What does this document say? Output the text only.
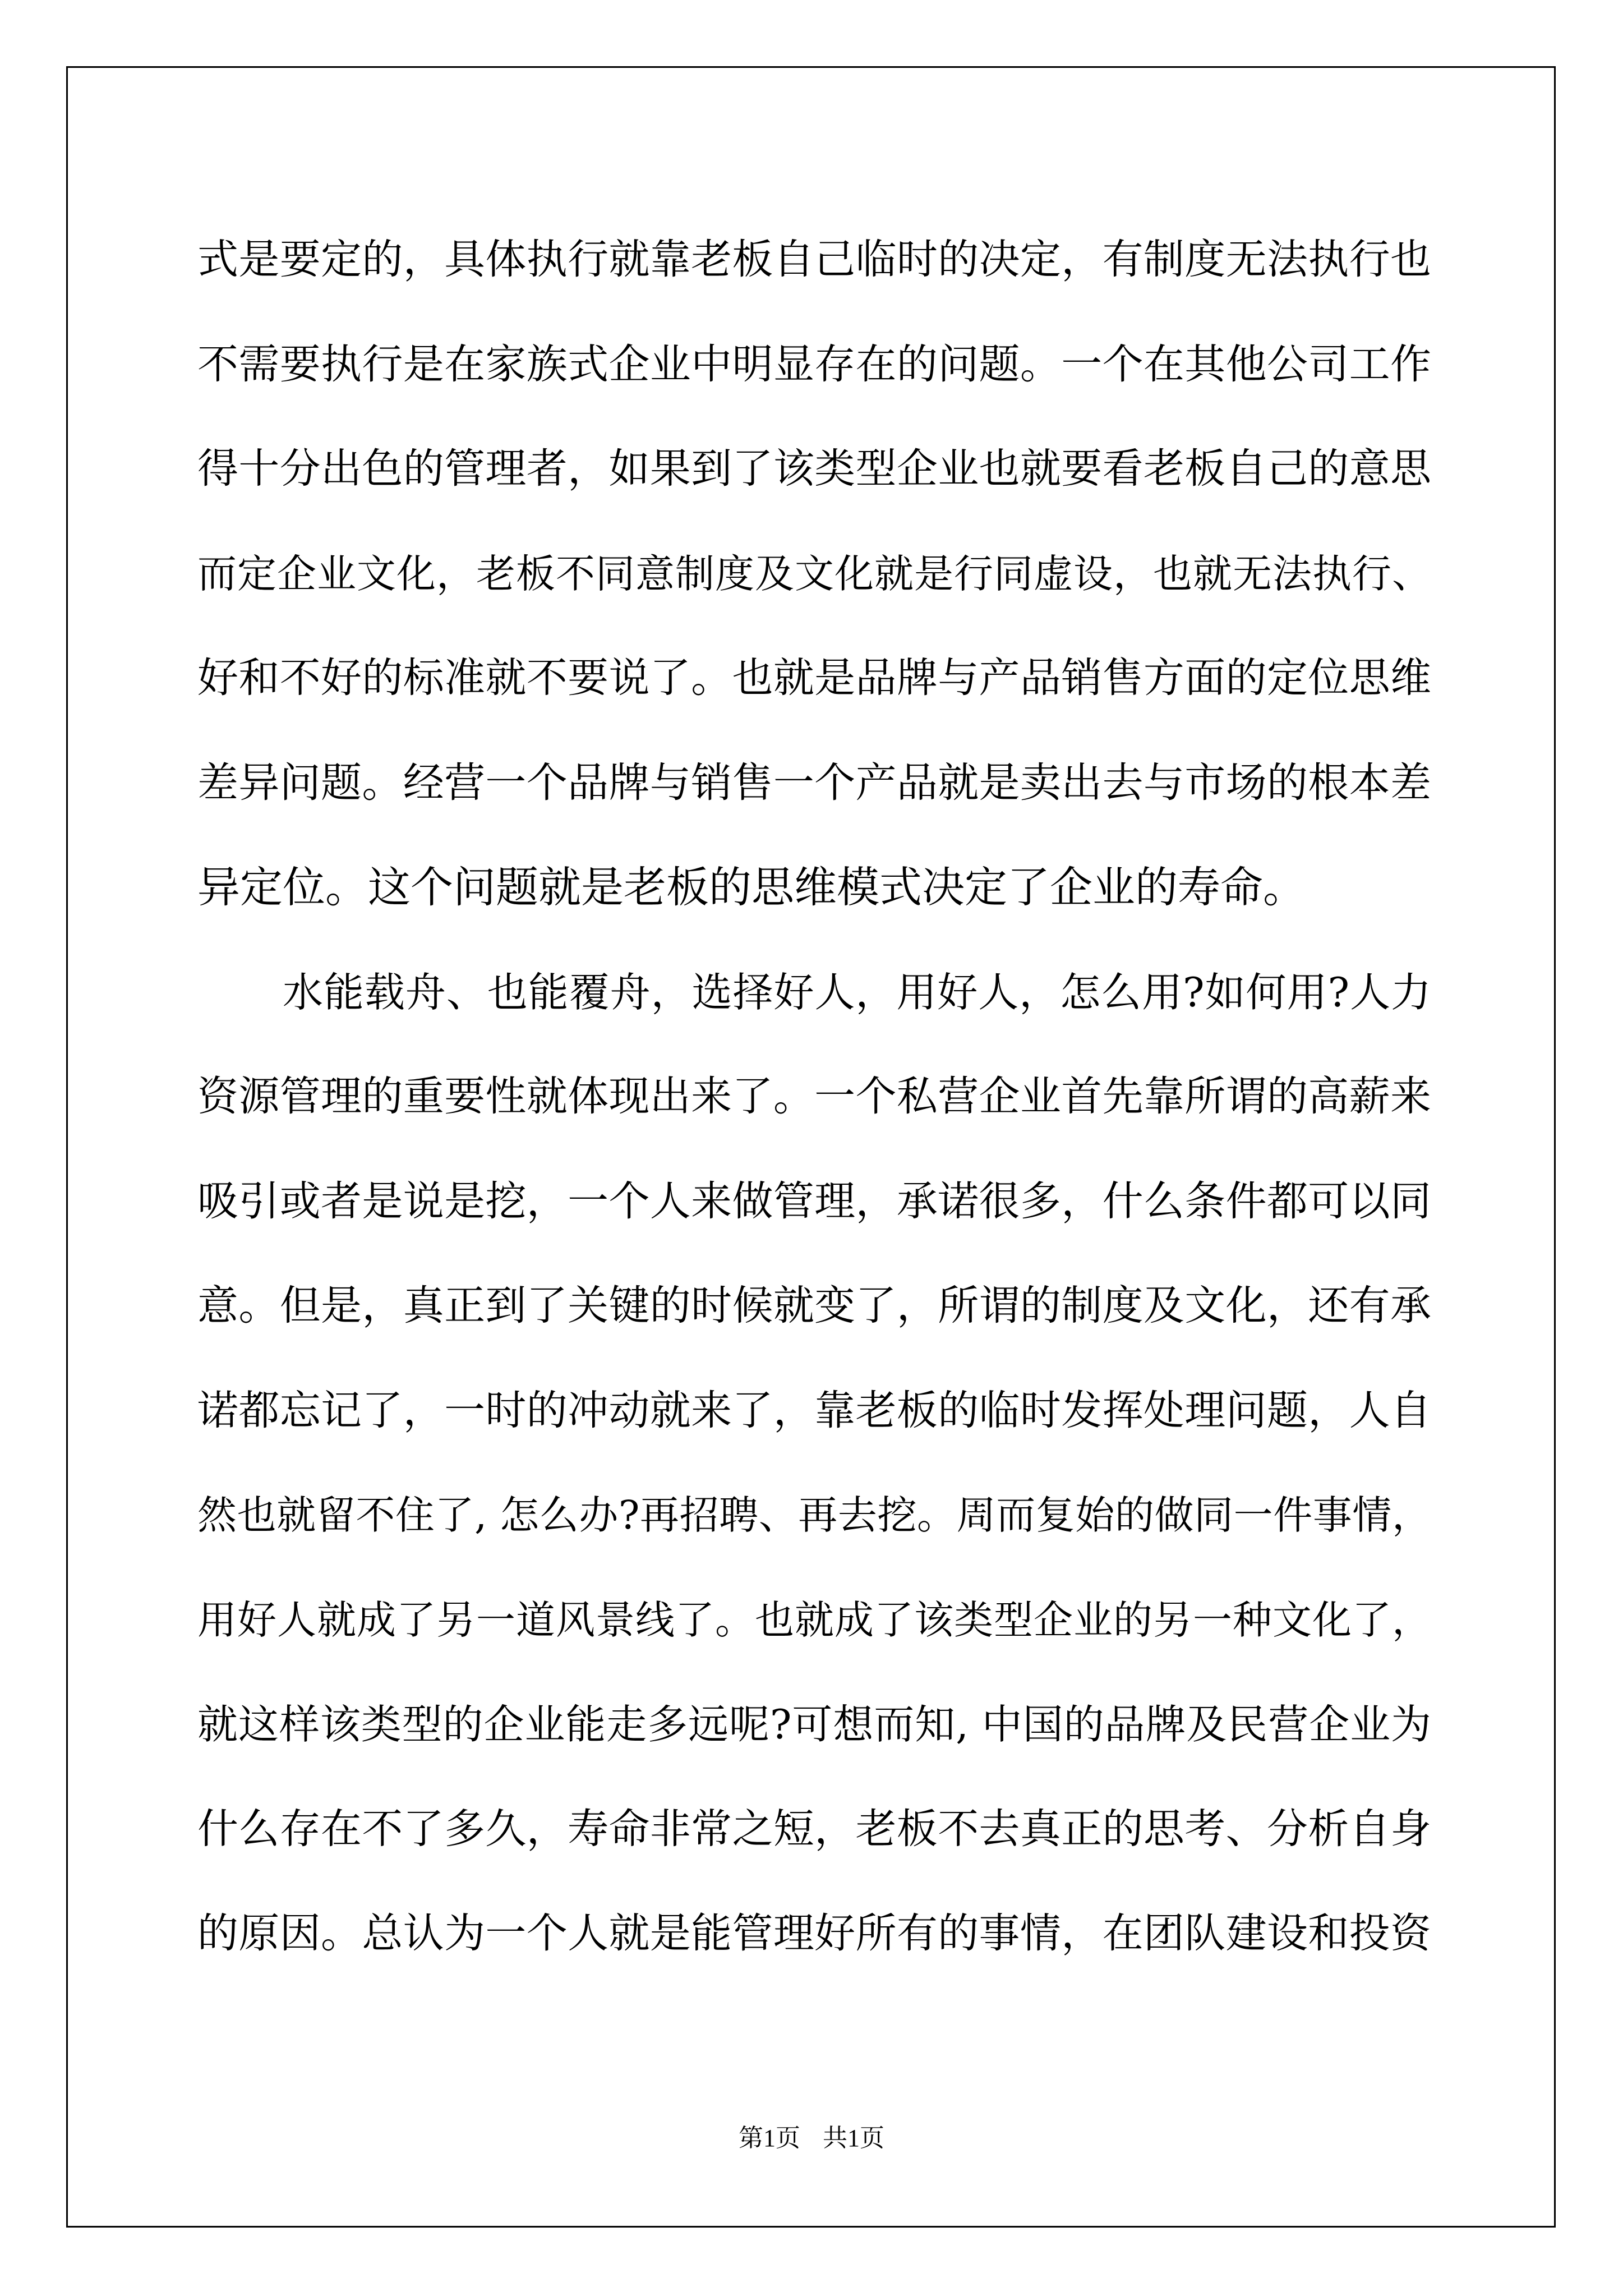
式是要定的，具体执行就靠老板自己临时的决定，有制度无法执行也
不需要执行是在家族式企业中明显存在的问题。一个在其他公司工作
得十分出色的管理者，如果到了该类型企业也就要看老板自己的意思
而定企业文化，老板不同意制度及文化就是行同虚设，也就无法执行、
好和不好的标准就不要说了。也就是品牌与产品销售方面的定位思维
差异问题。经营一个品牌与销售一个产品就是卖出去与市场的根本差
异定位。这个问题就是老板的思维模式决定了企业的寿命。
水能载舟、也能覆舟，选择好人，用好人，怎么用?如何用?人力
资源管理的重要性就体现出来了。一个私营企业首先靠所谓的高薪来
吸引或者是说是挖，一个人来做管理，承诺很多，什么条件都可以同
意。但是，真正到了关键的时候就变了，所谓的制度及文化，还有承
诺都忘记了，一时的冲动就来了，靠老板的临时发挥处理问题，人自
然也就留不住了, 怎么办?再招聘、再去挖。周而复始的做同一件事情，
用好人就成了另一道风景线了。也就成了该类型企业的另一种文化了，
就这样该类型的企业能走多远呢?可想而知, 中国的品牌及民营企业为
什么存在不了多久，寿命非常之短，老板不去真正的思考、分析自身
的原因。总认为一个人就是能管理好所有的事情，在团队建设和投资
第1页 共1页
